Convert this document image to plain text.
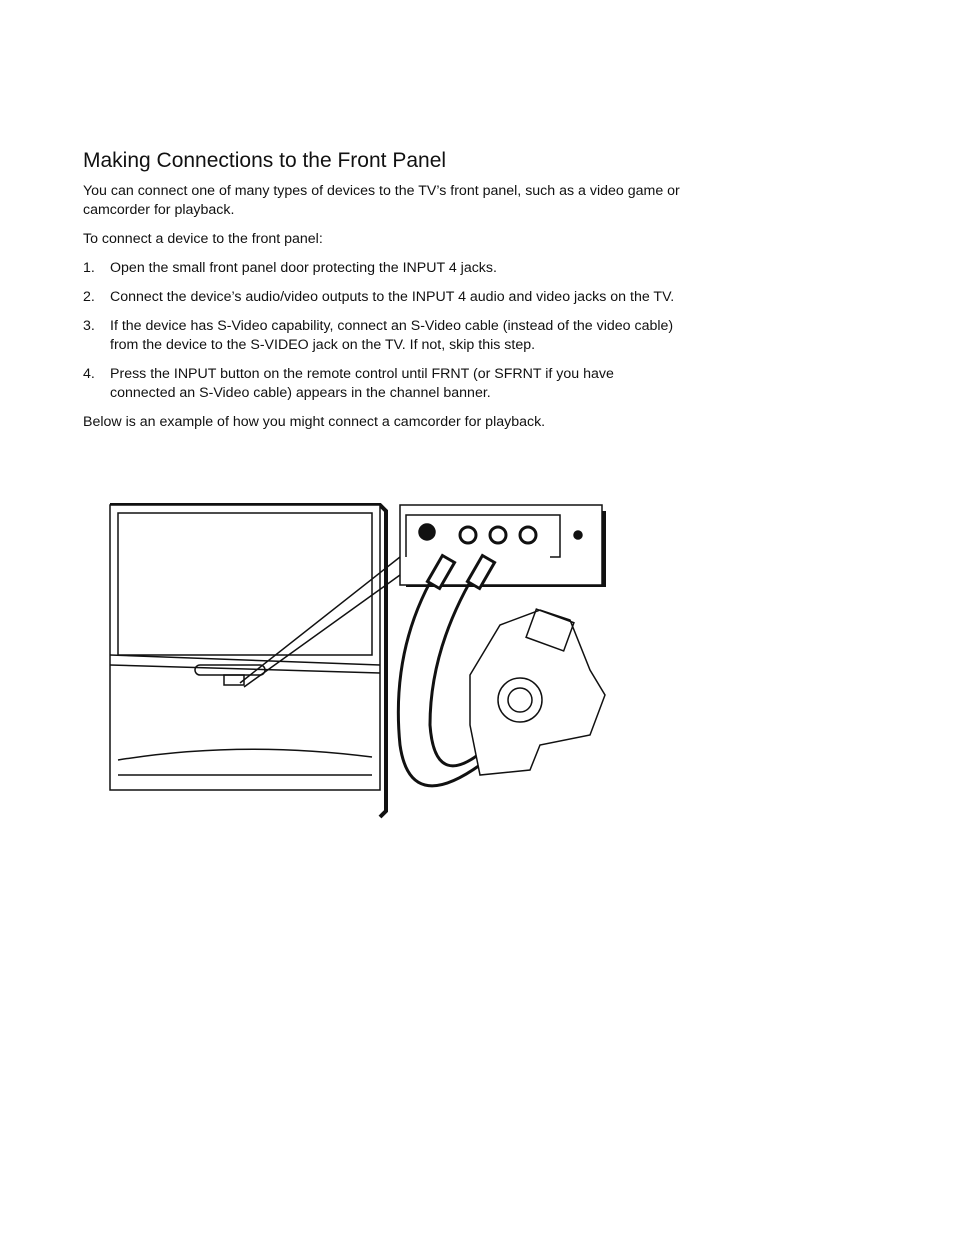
Making Connections to the Front Panel

You can connect one of many types of devices to the TV’s front panel, such as a video game or camcorder for playback.

To connect a device to the front panel:

1. Open the small front panel door protecting the INPUT 4 jacks.
2. Connect the device’s audio/video outputs to the INPUT 4 audio and video jacks on the TV.
3. If the device has S-Video capability, connect an S-Video cable (instead of the video cable) from the device to the S-VIDEO jack on the TV. If not, skip this step.
4. Press the INPUT button on the remote control until FRNT (or SFRNT if you have connected an S-Video cable) appears in the channel banner.

Below is an example of how you might connect a camcorder for playback.
